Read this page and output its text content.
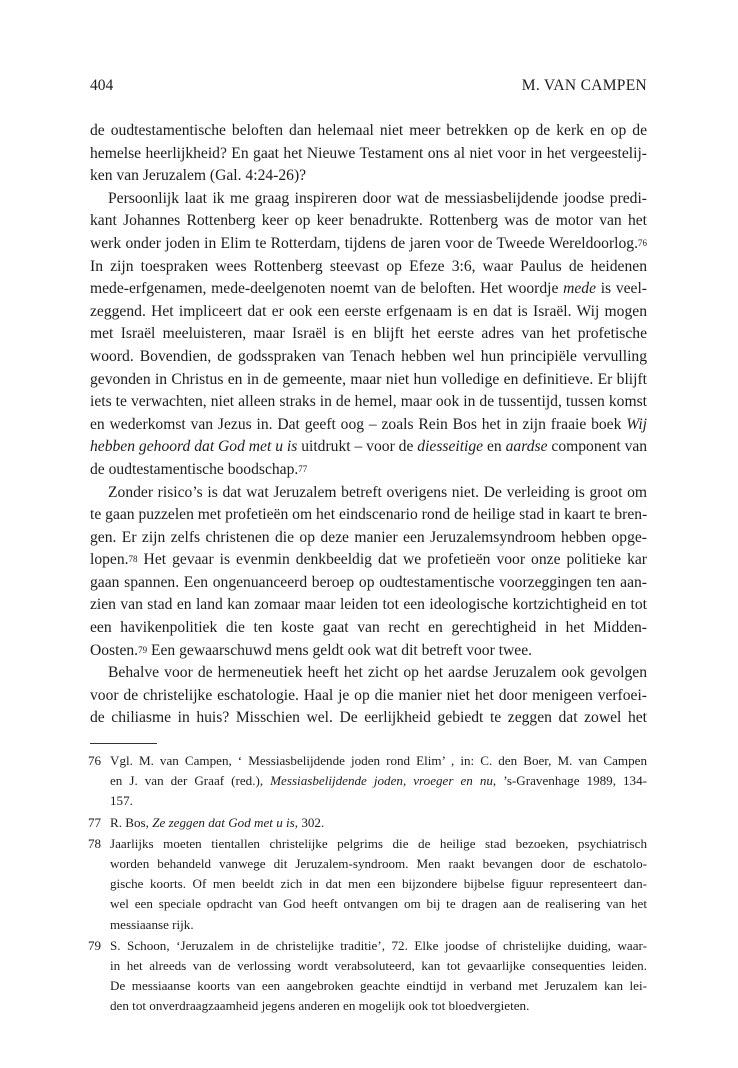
404	M. VAN CAMPEN
de oudtestamentische beloften dan helemaal niet meer betrekken op de kerk en op de
hemelse heerlijkheid? En gaat het Nieuwe Testament ons al niet voor in het vergeestelij-
ken van Jeruzalem (Gal. 4:24-26)?
Persoonlijk laat ik me graag inspireren door wat de messiasbelijdende joodse predi-
kant Johannes Rottenberg keer op keer benadrukte. Rottenberg was de motor van het
werk onder joden in Elim te Rotterdam, tijdens de jaren voor de Tweede Wereldoorlog.$^{76}$
In zijn toespraken wees Rottenberg steevast op Efeze 3:6, waar Paulus de heidenen
mede-erfgenamen, mede-deelgenoten noemt van de beloften. Het woordje mede is veel-
zeggend. Het impliceert dat er ook een eerste erfgenaam is en dat is Israël. Wij mogen
met Israël meeluisteren, maar Israël is en blijft het eerste adres van het profetische
woord. Bovendien, de godsspraken van Tenach hebben wel hun principiële vervulling
gevonden in Christus en in de gemeente, maar niet hun volledige en definitieve. Er blijft
iets te verwachten, niet alleen straks in de hemel, maar ook in de tussentijd, tussen komst
en wederkomst van Jezus in. Dat geeft oog – zoals Rein Bos het in zijn fraaie boek Wij
hebben gehoord dat God met u is uitdrukt – voor de diesseitige en aardse component van
de oudtestamentische boodschap.$^{77}$
Zonder risico’s is dat wat Jeruzalem betreft overigens niet. De verleiding is groot om
te gaan puzzelen met profetieën om het eindscenario rond de heilige stad in kaart te bren-
gen. Er zijn zelfs christenen die op deze manier een Jeruzalemsyndroom hebben opge-
lopen.$^{78}$ Het gevaar is evenmin denkbeeldig dat we profetieën voor onze politieke kar
gaan spannen. Een ongenuanceerd beroep op oudtestamentische voorzeggingen ten aan-
zien van stad en land kan zomaar maar leiden tot een ideologische kortzichtigheid en tot
een havikenpolitiek die ten koste gaat van recht en gerechtigheid in het Midden-
Oosten.$^{79}$ Een gewaarschuwd mens geldt ook wat dit betreft voor twee.
Behalve voor de hermeneutiek heeft het zicht op het aardse Jeruzalem ook gevolgen
voor de christelijke eschatologie. Haal je op die manier niet het door menigeen verfoei-
de chiliasme in huis? Misschien wel. De eerlijkheid gebiedt te zeggen dat zowel het
76 Vgl. M. van Campen, ‘ Messiasbelijdende joden rond Elim’ , in: C. den Boer, M. van Campen
en J. van der Graaf (red.), Messiasbelijdende joden, vroeger en nu, ’s-Gravenhage 1989, 134-
157.
77 R. Bos, Ze zeggen dat God met u is, 302.
78 Jaarlijks moeten tientallen christelijke pelgrims die de heilige stad bezoeken, psychiatrisch
worden behandeld vanwege dit Jeruzalem-syndroom. Men raakt bevangen door de eschatolo-
gische koorts. Of men beeldt zich in dat men een bijzondere bijbelse figuur representeert dan-
wel een speciale opdracht van God heeft ontvangen om bij te dragen aan de realisering van het
messiaanse rijk.
79 S. Schoon, ‘Jeruzalem in de christelijke traditie’, 72. Elke joodse of christelijke duiding, waar-
in het alreeds van de verlossing wordt verabsoluteerd, kan tot gevaarlijke consequenties leiden.
De messiaanse koorts van een aangebroken geachte eindtijd in verband met Jeruzalem kan lei-
den tot onverdraagzaamheid jegens anderen en mogelijk ook tot bloedvergieten.
